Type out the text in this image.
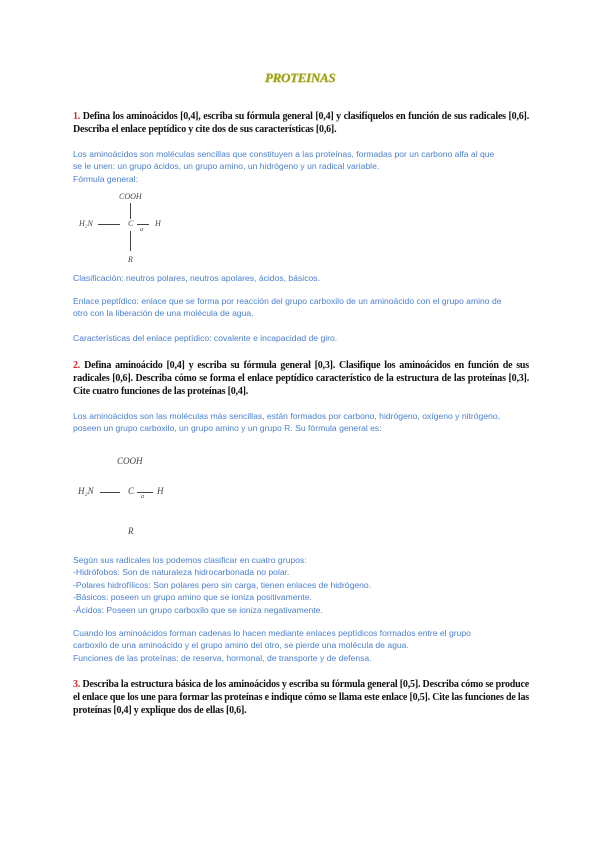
PROTEINAS
1. Defina los aminoácidos [0,4], escriba su fórmula general [0,4] y clasifíquelos en función de sus radicales [0,6]. Describa el enlace peptídico y cite dos de sus características [0,6].
Los aminoácidos son moléculas sencillas que constituyen a las proteínas, formadas por un carbono alfa al que
se le unen: un grupo ácidos, un grupo amino, un hidrógeno y un radical variable.
Fórmula general:
COOH
H₂N	C
α
H
R
Clasificación: neutros polares, neutros apolares, ácidos, básicos.
Enlace peptídico: enlace que se forma por reacción del grupo carboxilo de un aminoácido con el grupo amino de
otro con la liberación de una molécula de agua.
Características del enlace peptídico: covalente e incapacidad de giro.
2. Defina aminoácido [0,4] y escriba su fórmula general [0,3]. Clasifique los aminoácidos en función de sus radicales [0,6]. Describa cómo se forma el enlace peptídico característico de la estructura de las proteínas [0,3]. Cite cuatro funciones de las proteínas [0,4].
Los aminoácidos son las moléculas más sencillas, están formados por carbono, hidrógeno, oxígeno y nitrógeno,
poseen un grupo carboxilo, un grupo amino y un grupo R. Su fórmula general es:
COOH
H₂N	C
α
H
R
Según sus radicales los podemos clasificar en cuatro grupos:
-Hidrófobos: Son de naturaleza hidrocarbonada no polar.
-Polares hidrofílicos: Son polares pero sin carga, tienen enlaces de hidrógeno.
-Básicos: poseen un grupo amino que se ioniza positivamente.
-Ácidos: Poseen un grupo carboxilo que se ioniza negativamente.
Cuando los aminoácidos forman cadenas lo hacen mediante enlaces peptídicos formados entre el grupo
carboxilo de una aminoácido y el grupo amino del otro, se pierde una molécula de agua.
Funciones de las proteínas: de reserva, hormonal, de transporte y de defensa.
3. Describa la estructura básica de los aminoácidos y escriba su fórmula general [0,5]. Describa cómo se produce el enlace que los une para formar las proteínas e indique cómo se llama este enlace [0,5]. Cite las funciones de las proteínas [0,4] y explique dos de ellas [0,6].
